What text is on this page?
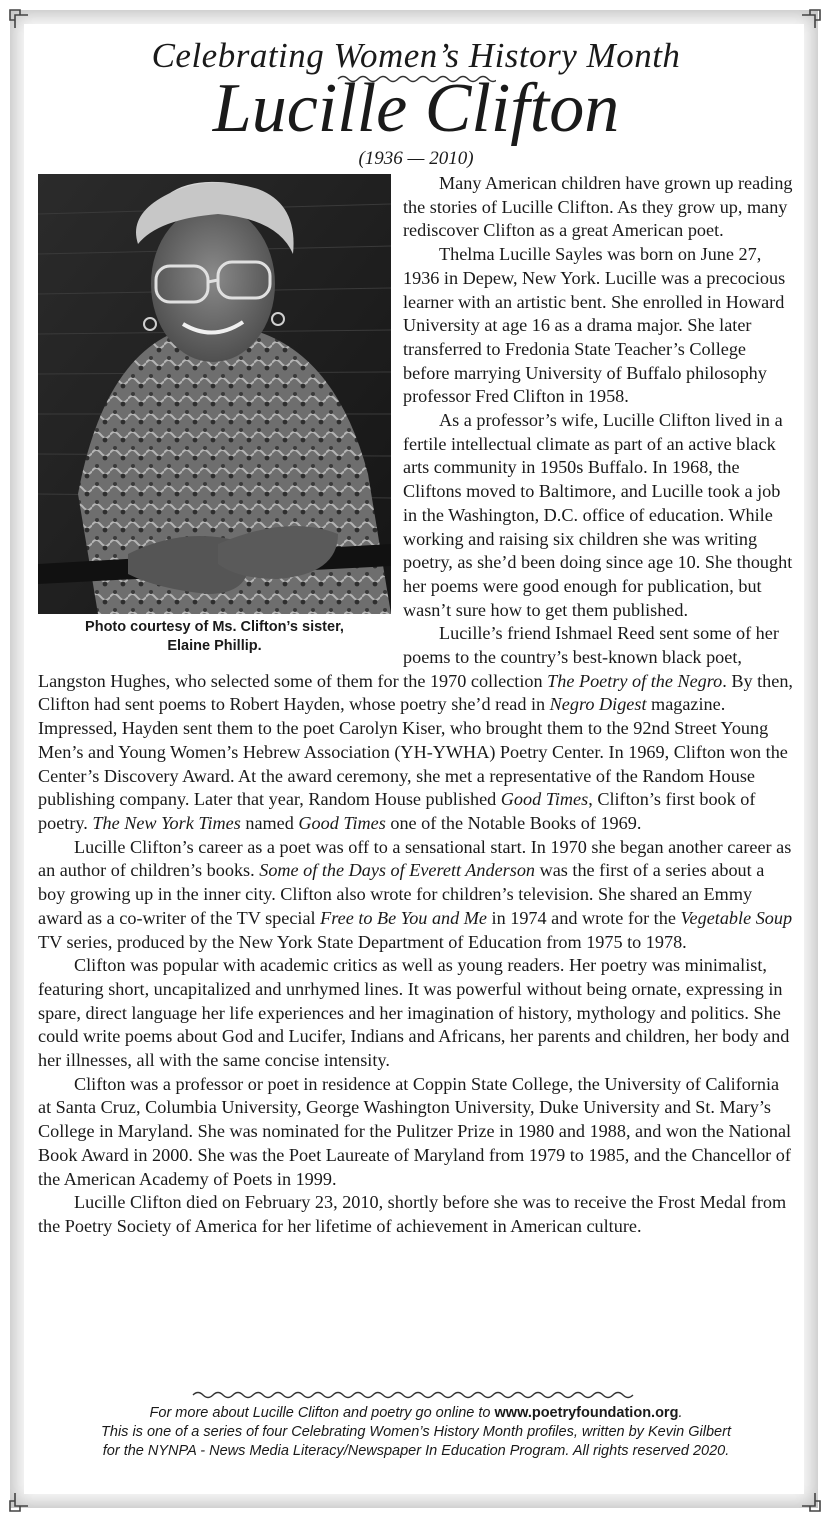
Celebrating Women’s History Month
Lucille Clifton
(1936 — 2010)
Photo courtesy of Ms. Clifton’s sister,
Elaine Phillip.

Many American children have grown up reading the stories of Lucille Clifton. As they grow up, many rediscover Clifton as a great American poet.

Thelma Lucille Sayles was born on June 27, 1936 in Depew, New York. Lucille was a precocious learner with an artistic bent. She enrolled in Howard University at age 16 as a drama major. She later transferred to Fredonia State Teacher’s College before marrying University of Buffalo philosophy professor Fred Clifton in 1958.

As a professor’s wife, Lucille Clifton lived in a fertile intellectual climate as part of an active black arts community in 1950s Buffalo. In 1968, the Cliftons moved to Baltimore, and Lucille took a job in the Washington, D.C. office of education. While working and raising six children she was writing poetry, as she’d been doing since age 10. She thought her poems were good enough for publication, but wasn’t sure how to get them published.

Lucille’s friend Ishmael Reed sent some of her poems to the country’s best-known black poet, Langston Hughes, who selected some of them for the 1970 collection The Poetry of the Negro. By then, Clifton had sent poems to Robert Hayden, whose poetry she’d read in Negro Digest magazine. Impressed, Hayden sent them to the poet Carolyn Kiser, who brought them to the 92nd Street Young Men’s and Young Women’s Hebrew Association (YH-YWHA) Poetry Center. In 1969, Clifton won the Center’s Discovery Award. At the award ceremony, she met a representative of the Random House publishing company. Later that year, Random House published Good Times, Clifton’s first book of poetry. The New York Times named Good Times one of the Notable Books of 1969.

Lucille Clifton’s career as a poet was off to a sensational start. In 1970 she began another career as an author of children’s books. Some of the Days of Everett Anderson was the first of a series about a boy growing up in the inner city. Clifton also wrote for children’s television. She shared an Emmy award as a co-writer of the TV special Free to Be You and Me in 1974 and wrote for the Vegetable Soup TV series, produced by the New York State Department of Education from 1975 to 1978.

Clifton was popular with academic critics as well as young readers. Her poetry was minimalist, featuring short, uncapitalized and unrhymed lines. It was powerful without being ornate, expressing in spare, direct language her life experiences and her imagination of history, mythology and politics. She could write poems about God and Lucifer, Indians and Africans, her parents and children, her body and her illnesses, all with the same concise intensity.

Clifton was a professor or poet in residence at Coppin State College, the University of California at Santa Cruz, Columbia University, George Washington University, Duke University and St. Mary’s College in Maryland. She was nominated for the Pulitzer Prize in 1980 and 1988, and won the National Book Award in 2000. She was the Poet Laureate of Maryland from 1979 to 1985, and the Chancellor of the American Academy of Poets in 1999.

Lucille Clifton died on February 23, 2010, shortly before she was to receive the Frost Medal from the Poetry Society of America for her lifetime of achievement in American culture.

For more about Lucille Clifton and poetry go online to www.poetryfoundation.org.
This is one of a series of four Celebrating Women’s History Month profiles, written by Kevin Gilbert
for the NYNPA - News Media Literacy/Newspaper In Education Program. All rights reserved 2020.
